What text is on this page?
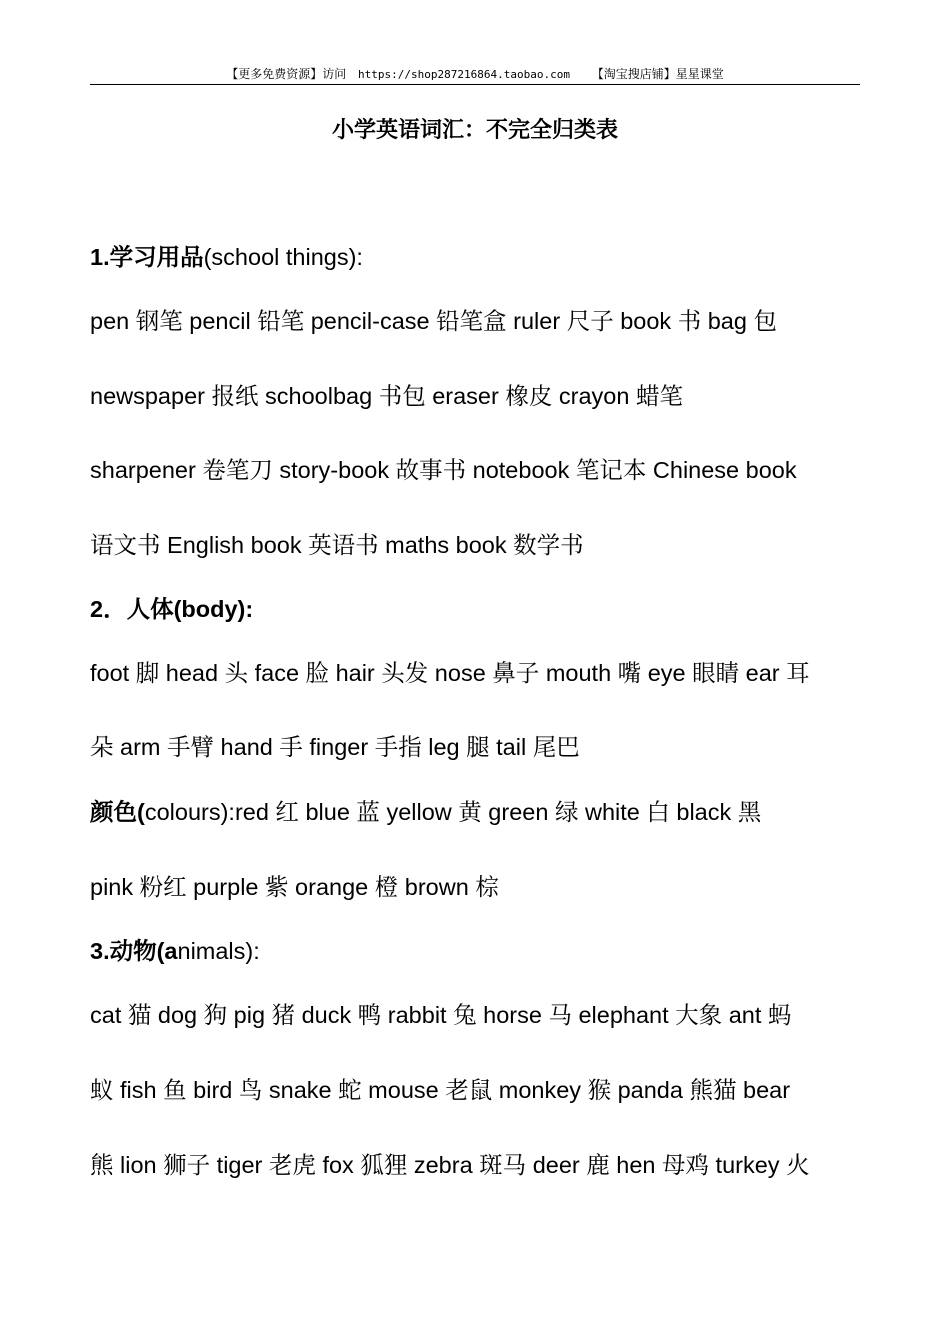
【更多免费资源】访问 https://shop287216864.taobao.com 【淘宝搜店铺】星星课堂
小学英语词汇：不完全归类表
1.学习用品(school things):
pen 钢笔 pencil 铅笔 pencil-case 铅笔盒 ruler 尺子 book 书 bag 包
newspaper 报纸 schoolbag 书包 eraser 橡皮 crayon 蜡笔
sharpener 卷笔刀 story-book 故事书 notebook 笔记本 Chinese book
语文书 English book 英语书 maths book 数学书
2．人体(body):
foot 脚 head 头 face 脸 hair 头发 nose 鼻子 mouth 嘴 eye 眼睛 ear 耳
朵 arm 手臂 hand 手 finger 手指 leg 腿 tail 尾巴
颜色(colours):red 红 blue 蓝 yellow 黄 green 绿 white 白 black 黑
pink 粉红 purple 紫 orange 橙 brown 棕
3.动物(animals):
cat 猫 dog 狗 pig 猪 duck 鸭 rabbit 兔 horse 马 elephant 大象 ant 蚂
蚁 fish 鱼 bird 鸟 snake 蛇 mouse 老鼠 monkey 猴 panda 熊猫 bear
熊 lion 狮子 tiger 老虎 fox 狐狸 zebra 斑马 deer 鹿 hen 母鸡 turkey 火
